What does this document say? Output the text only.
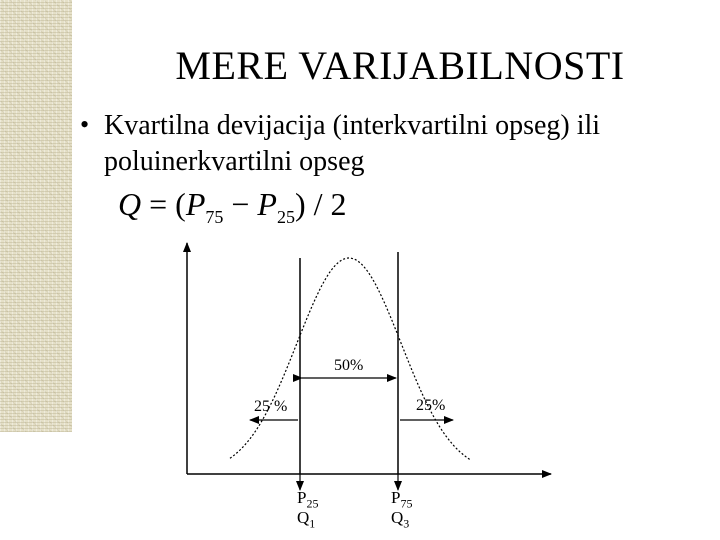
MERE VARIJABILNOSTI
• Kvartilna devijacija (interkvartilni opseg) ili poluinerkvartilni opseg
$Q = (P_{75} - P_{25}) / 2$
50%
25 %	25%
$P_{25}$
$Q_1$
$P_{75}$
$Q_3$
